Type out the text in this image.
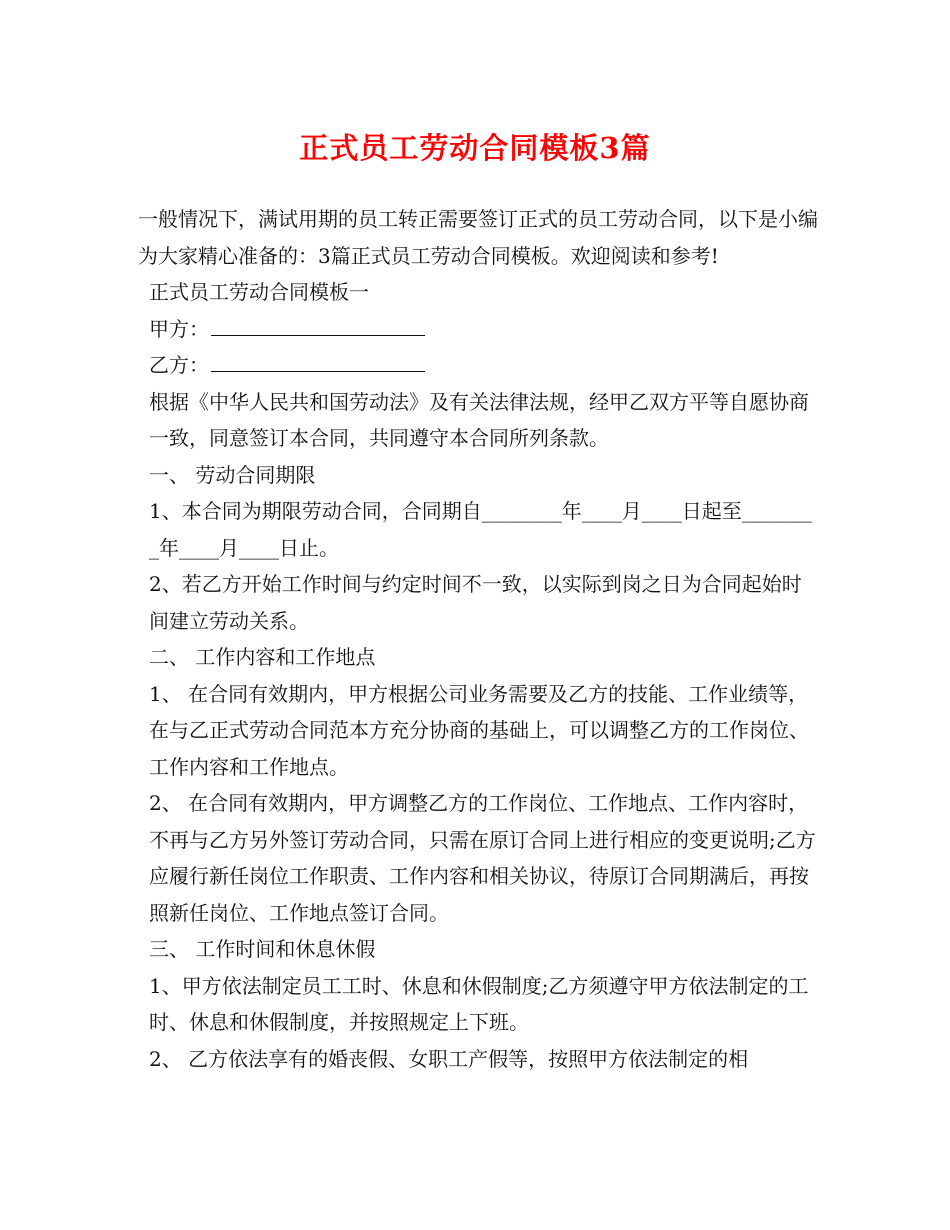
正式员工劳动合同模板3篇

一般情况下，满试用期的员工转正需要签订正式的员工劳动合同，以下是小编为大家精心准备的：3篇正式员工劳动合同模板。欢迎阅读和参考!

正式员工劳动合同模板一

甲方：

乙方：

根据《中华人民共和国劳动法》及有关法律法规，经甲乙双方平等自愿协商一致，同意签订本合同，共同遵守本合同所列条款。

一、 劳动合同期限

1、本合同为期限劳动合同，合同期自________年____月____日起至________年____月____日止。

2、若乙方开始工作时间与约定时间不一致，以实际到岗之日为合同起始时间建立劳动关系。

二、 工作内容和工作地点

1、 在合同有效期内，甲方根据公司业务需要及乙方的技能、工作业绩等，在与乙正式劳动合同范本方充分协商的基础上，可以调整乙方的工作岗位、工作内容和工作地点。

2、 在合同有效期内，甲方调整乙方的工作岗位、工作地点、工作内容时，不再与乙方另外签订劳动合同，只需在原订合同上进行相应的变更说明;乙方应履行新任岗位工作职责、工作内容和相关协议，待原订合同期满后，再按照新任岗位、工作地点签订合同。

三、 工作时间和休息休假

1、甲方依法制定员工工时、休息和休假制度;乙方须遵守甲方依法制定的工时、休息和休假制度，并按照规定上下班。

2、 乙方依法享有的婚丧假、女职工产假等，按照甲方依法制定的相
